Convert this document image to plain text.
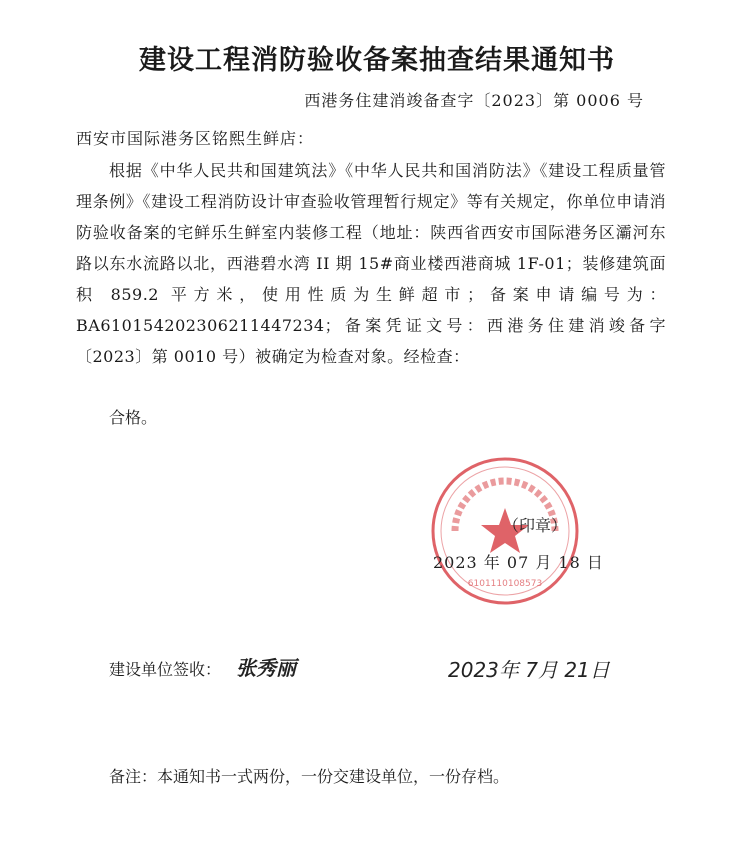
建设工程消防验收备案抽查结果通知书
西港务住建消竣备查字〔2023〕第 0006 号
西安市国际港务区铭熙生鲜店：
根据《中华人民共和国建筑法》《中华人民共和国消防法》《建设工程质量管理条例》《建设工程消防设计审查验收管理暂行规定》等有关规定，你单位申请消防验收备案的宅鲜乐生鲜室内装修工程（地址：陕西省西安市国际港务区灞河东路以东水流路以北，西港碧水湾 II 期 15#商业楼西港商城 1F-01；装修建筑面积 859.2 平方米，使用性质为生鲜超市；备案申请编号为：BA610154202306211447234；备案凭证文号：西港务住建消竣备字〔2023〕第 0010 号）被确定为检查对象。经检查：
合格。
6101110108573
（印章）
2023 年 07 月 18 日
建设单位签收： 张秀丽	2023年 7月 21日
备注：本通知书一式两份，一份交建设单位，一份存档。
